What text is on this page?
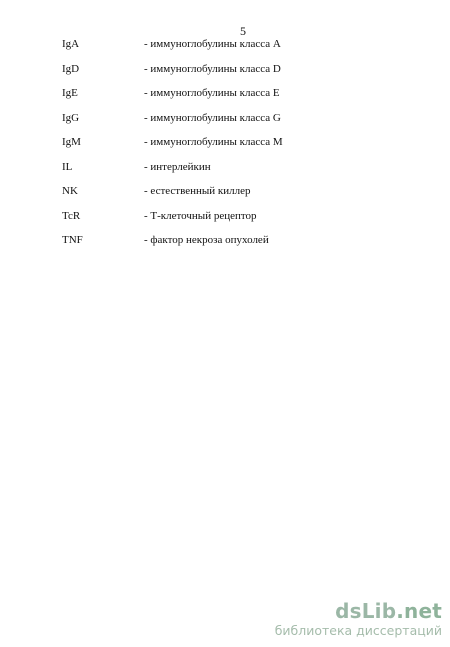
5
IgA	- иммуноглобулины класса А
IgD	- иммуноглобулины класса D
IgE	- иммуноглобулины класса Е
IgG	- иммуноглобулины класса G
IgM	- иммуноглобулины класса М
IL	- интерлейкин
NK	- естественный киллер
TcR	- Т-клеточный рецептор
TNF	- фактор некроза опухолей
dsLib.net
библиотека диссертаций
